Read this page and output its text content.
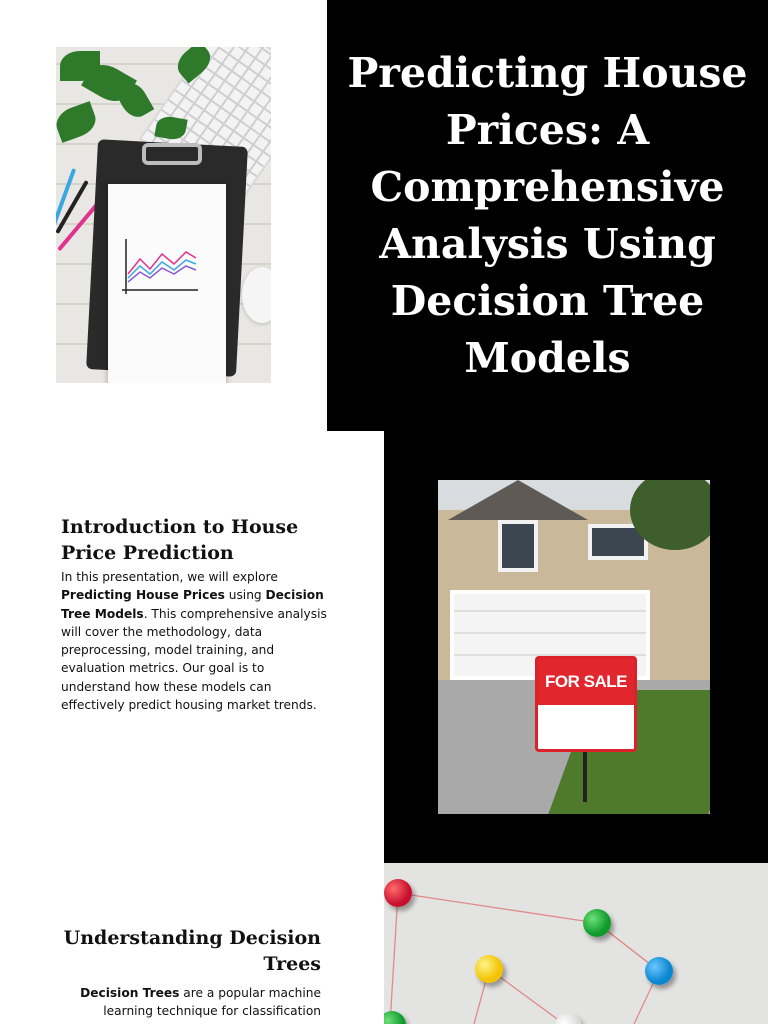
Predicting House Prices: A Comprehensive Analysis Using Decision Tree Models
FOR SALE
Introduction to House
Price Prediction

In this presentation, we will explore Predicting House Prices using Decision Tree Models. This comprehensive analysis will cover the methodology, data preprocessing, model training, and evaluation metrics. Our goal is to understand how these models can effectively predict housing market trends.

Understanding Decision
Trees

Decision Trees are a popular machine learning technique for classification
